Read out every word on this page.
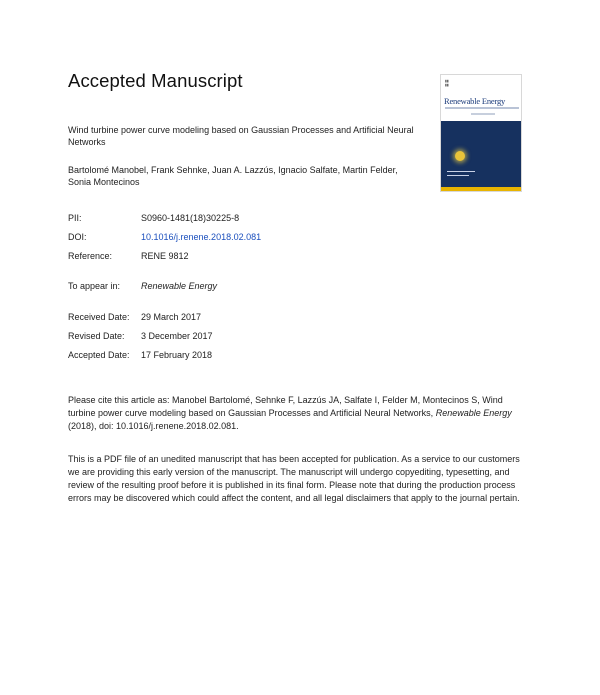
Accepted Manuscript	▮▮
▮▮
Renewable Energy
Wind turbine power curve modeling based on Gaussian Processes and Artificial Neural Networks
Bartolomé Manobel, Frank Sehnke, Juan A. Lazzús, Ignacio Salfate, Martin Felder, Sonia Montecinos
PII:	S0960-1481(18)30225-8
DOI:	10.1016/j.renene.2018.02.081
Reference:	RENE 9812
To appear in: Renewable Energy
Received Date: 29 March 2017
Revised Date: 3 December 2017
Accepted Date: 17 February 2018
Please cite this article as: Manobel Bartolomé, Sehnke F, Lazzús JA, Salfate I, Felder M, Montecinos S, Wind turbine power curve modeling based on Gaussian Processes and Artificial Neural Networks, Renewable Energy (2018), doi: 10.1016/j.renene.2018.02.081.
This is a PDF file of an unedited manuscript that has been accepted for publication. As a service to our customers we are providing this early version of the manuscript. The manuscript will undergo copyediting, typesetting, and review of the resulting proof before it is published in its final form. Please note that during the production process errors may be discovered which could affect the content, and all legal disclaimers that apply to the journal pertain.
